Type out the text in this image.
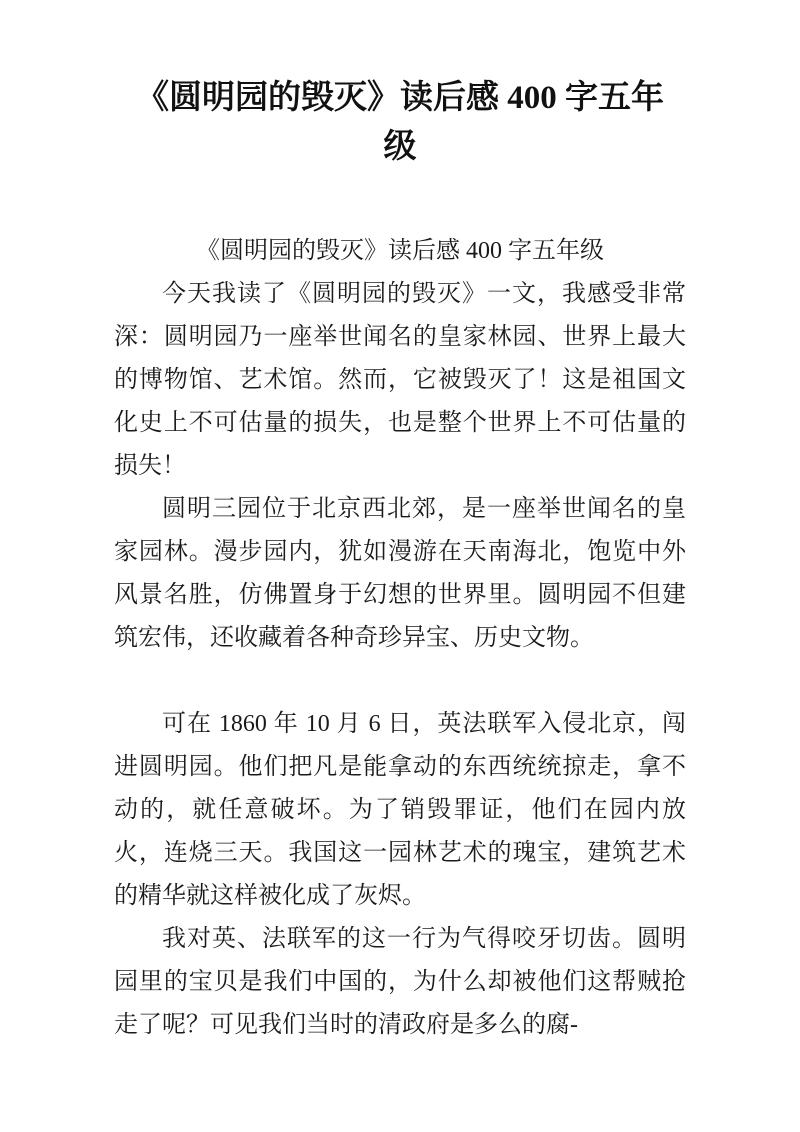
《圆明园的毁灭》读后感 400 字五年
级

《圆明园的毁灭》读后感 400 字五年级

今天我读了《圆明园的毁灭》一文，我感受非常深：圆明园乃一座举世闻名的皇家林园、世界上最大的博物馆、艺术馆。然而，它被毁灭了！这是祖国文化史上不可估量的损失，也是整个世界上不可估量的损失！

圆明三园位于北京西北郊，是一座举世闻名的皇家园林。漫步园内，犹如漫游在天南海北，饱览中外风景名胜，仿佛置身于幻想的世界里。圆明园不但建筑宏伟，还收藏着各种奇珍异宝、历史文物。

可在 1860 年 10 月 6 日，英法联军入侵北京，闯进圆明园。他们把凡是能拿动的东西统统掠走，拿不动的，就任意破坏。为了销毁罪证，他们在园内放火，连烧三天。我国这一园林艺术的瑰宝，建筑艺术的精华就这样被化成了灰烬。

我对英、法联军的这一行为气得咬牙切齿。圆明园里的宝贝是我们中国的，为什么却被他们这帮贼抢走了呢？可见我们当时的清政府是多么的腐-
